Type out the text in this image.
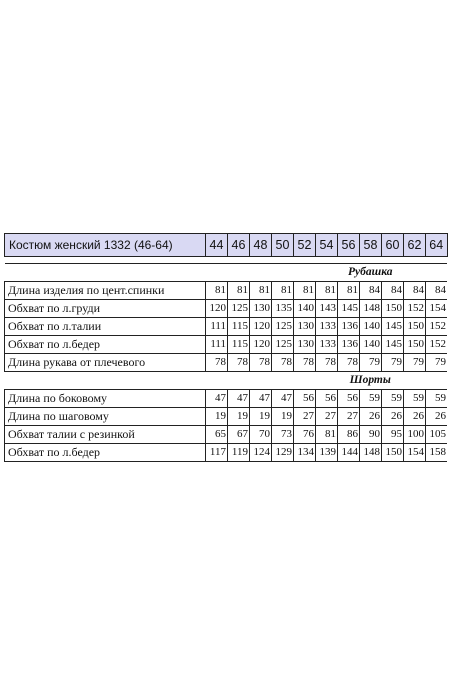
Костюм женский 1332 (46-64)	44	46	48	50	52	54	56	58	60	62	64

					Рубашка						
Длина изделия по цент.спинки	81	81	81	81	81	81	81	84	84	84	84
Обхват по л.груди	120	125	130	135	140	143	145	148	150	152	154
Обхват по л.талии	111	115	120	125	130	133	136	140	145	150	152
Обхват по л.бедер	111	115	120	125	130	133	136	140	145	150	152
Длина рукава от плечевого	78	78	78	78	78	78	78	79	79	79	79
					Шорты						
Длина по боковому	47	47	47	47	56	56	56	59	59	59	59
Длина по шаговому	19	19	19	19	27	27	27	26	26	26	26
Обхват талии с резинкой	65	67	70	73	76	81	86	90	95	100	105
Обхват по л.бедер	117	119	124	129	134	139	144	148	150	154	158
